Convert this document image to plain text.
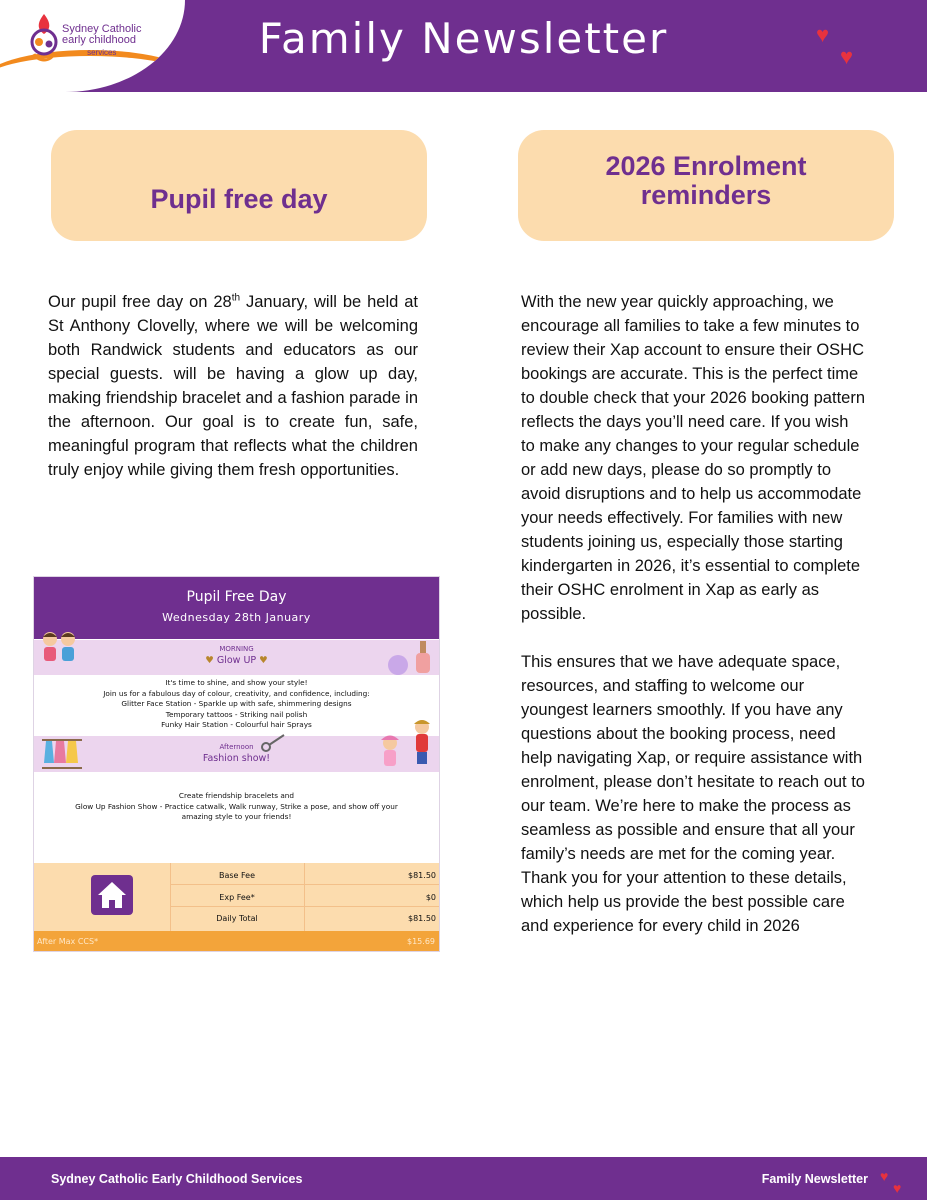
Sydney Catholic
early childhood
services	Family Newsletter	♥
♥
Pupil free day
2026 Enrolment reminders
Our pupil free day on 28th January, will be held at St Anthony Clovelly, where we will be welcoming both Randwick students and educators as our special guests. will be having a glow up day, making friendship bracelet and a fashion parade in the afternoon. Our goal is to create fun, safe, meaningful program that reflects what the children truly enjoy while giving them fresh opportunities.

With the new year quickly approaching, we encourage all families to take a few minutes to review their Xap account to ensure their OSHC bookings are accurate. This is the perfect time to double check that your 2026 booking pattern reflects the days you’ll need care. If you wish to make any changes to your regular schedule or add new days, please do so promptly to avoid disruptions and to help us accommodate your needs effectively. For families with new students joining us, especially those starting kindergarten in 2026, it’s essential to complete their OSHC enrolment in Xap as early as possible.

This ensures that we have adequate space, resources, and staffing to welcome our youngest learners smoothly. If you have any questions about the booking process, need help navigating Xap, or require assistance with enrolment, please don’t hesitate to reach out to our team. We’re here to make the process as seamless as possible and ensure that all your family’s needs are met for the coming year. Thank you for your attention to these details, which help us provide the best possible care and experience for every child in 2026

Pupil Free Day
Wednesday 28th January
MORNING
♥ Glow UP ♥
It's time to shine, and show your style!
Join us for a fabulous day of colour, creativity, and confidence, including:
Glitter Face Station - Sparkle up with safe, shimmering designs
Temporary tattoos - Striking nail polish
Funky Hair Station - Colourful hair Sprays
Afternoon
Fashion show!
Create friendship bracelets and
Glow Up Fashion Show - Practice catwalk, Walk runway, Strike a pose, and show off your
amazing style to your friends!
Base Fee	$81.50
Exp Fee*	$0
Daily Total	$81.50
After Max CCS*	$15.69
Sydney Catholic Early Childhood Services	Family Newsletter ♥
♥
